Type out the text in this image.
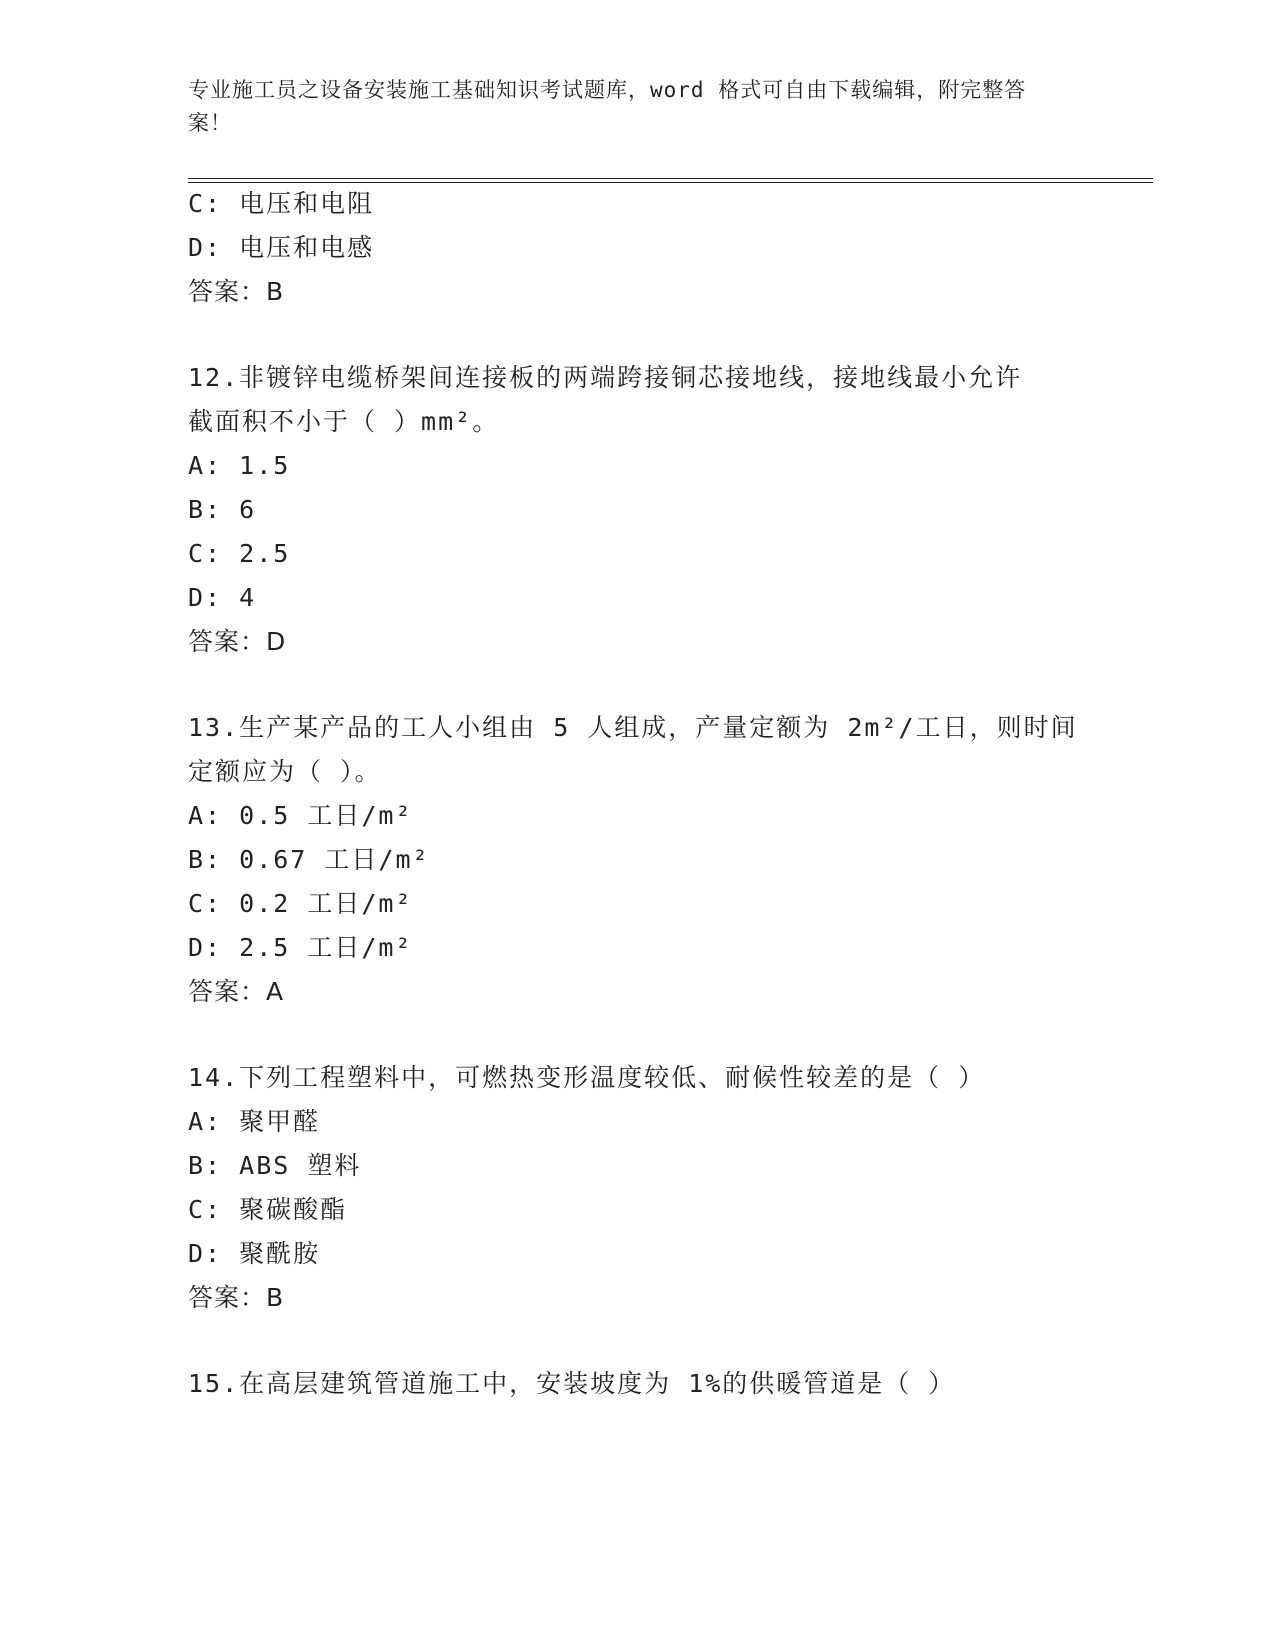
专业施工员之设备安装施工基础知识考试题库，word 格式可自由下载编辑，附完整答案！
C: 电压和电阻
D: 电压和电感
答案：B
12.非镀锌电缆桥架间连接板的两端跨接铜芯接地线，接地线最小允许
截面积不小于（ ）mm²。
A: 1.5
B: 6
C: 2.5
D: 4
答案：D
13.生产某产品的工人小组由 5 人组成，产量定额为 2m²/工日，则时间
定额应为（ ）。
A: 0.5 工日/m²
B: 0.67 工日/m²
C: 0.2 工日/m²
D: 2.5 工日/m²
答案：A
14.下列工程塑料中，可燃热变形温度较低、耐候性较差的是（ ）
A: 聚甲醛
B: ABS 塑料
C: 聚碳酸酯
D: 聚酰胺
答案：B
15.在高层建筑管道施工中，安装坡度为 1%的供暖管道是（ ）
